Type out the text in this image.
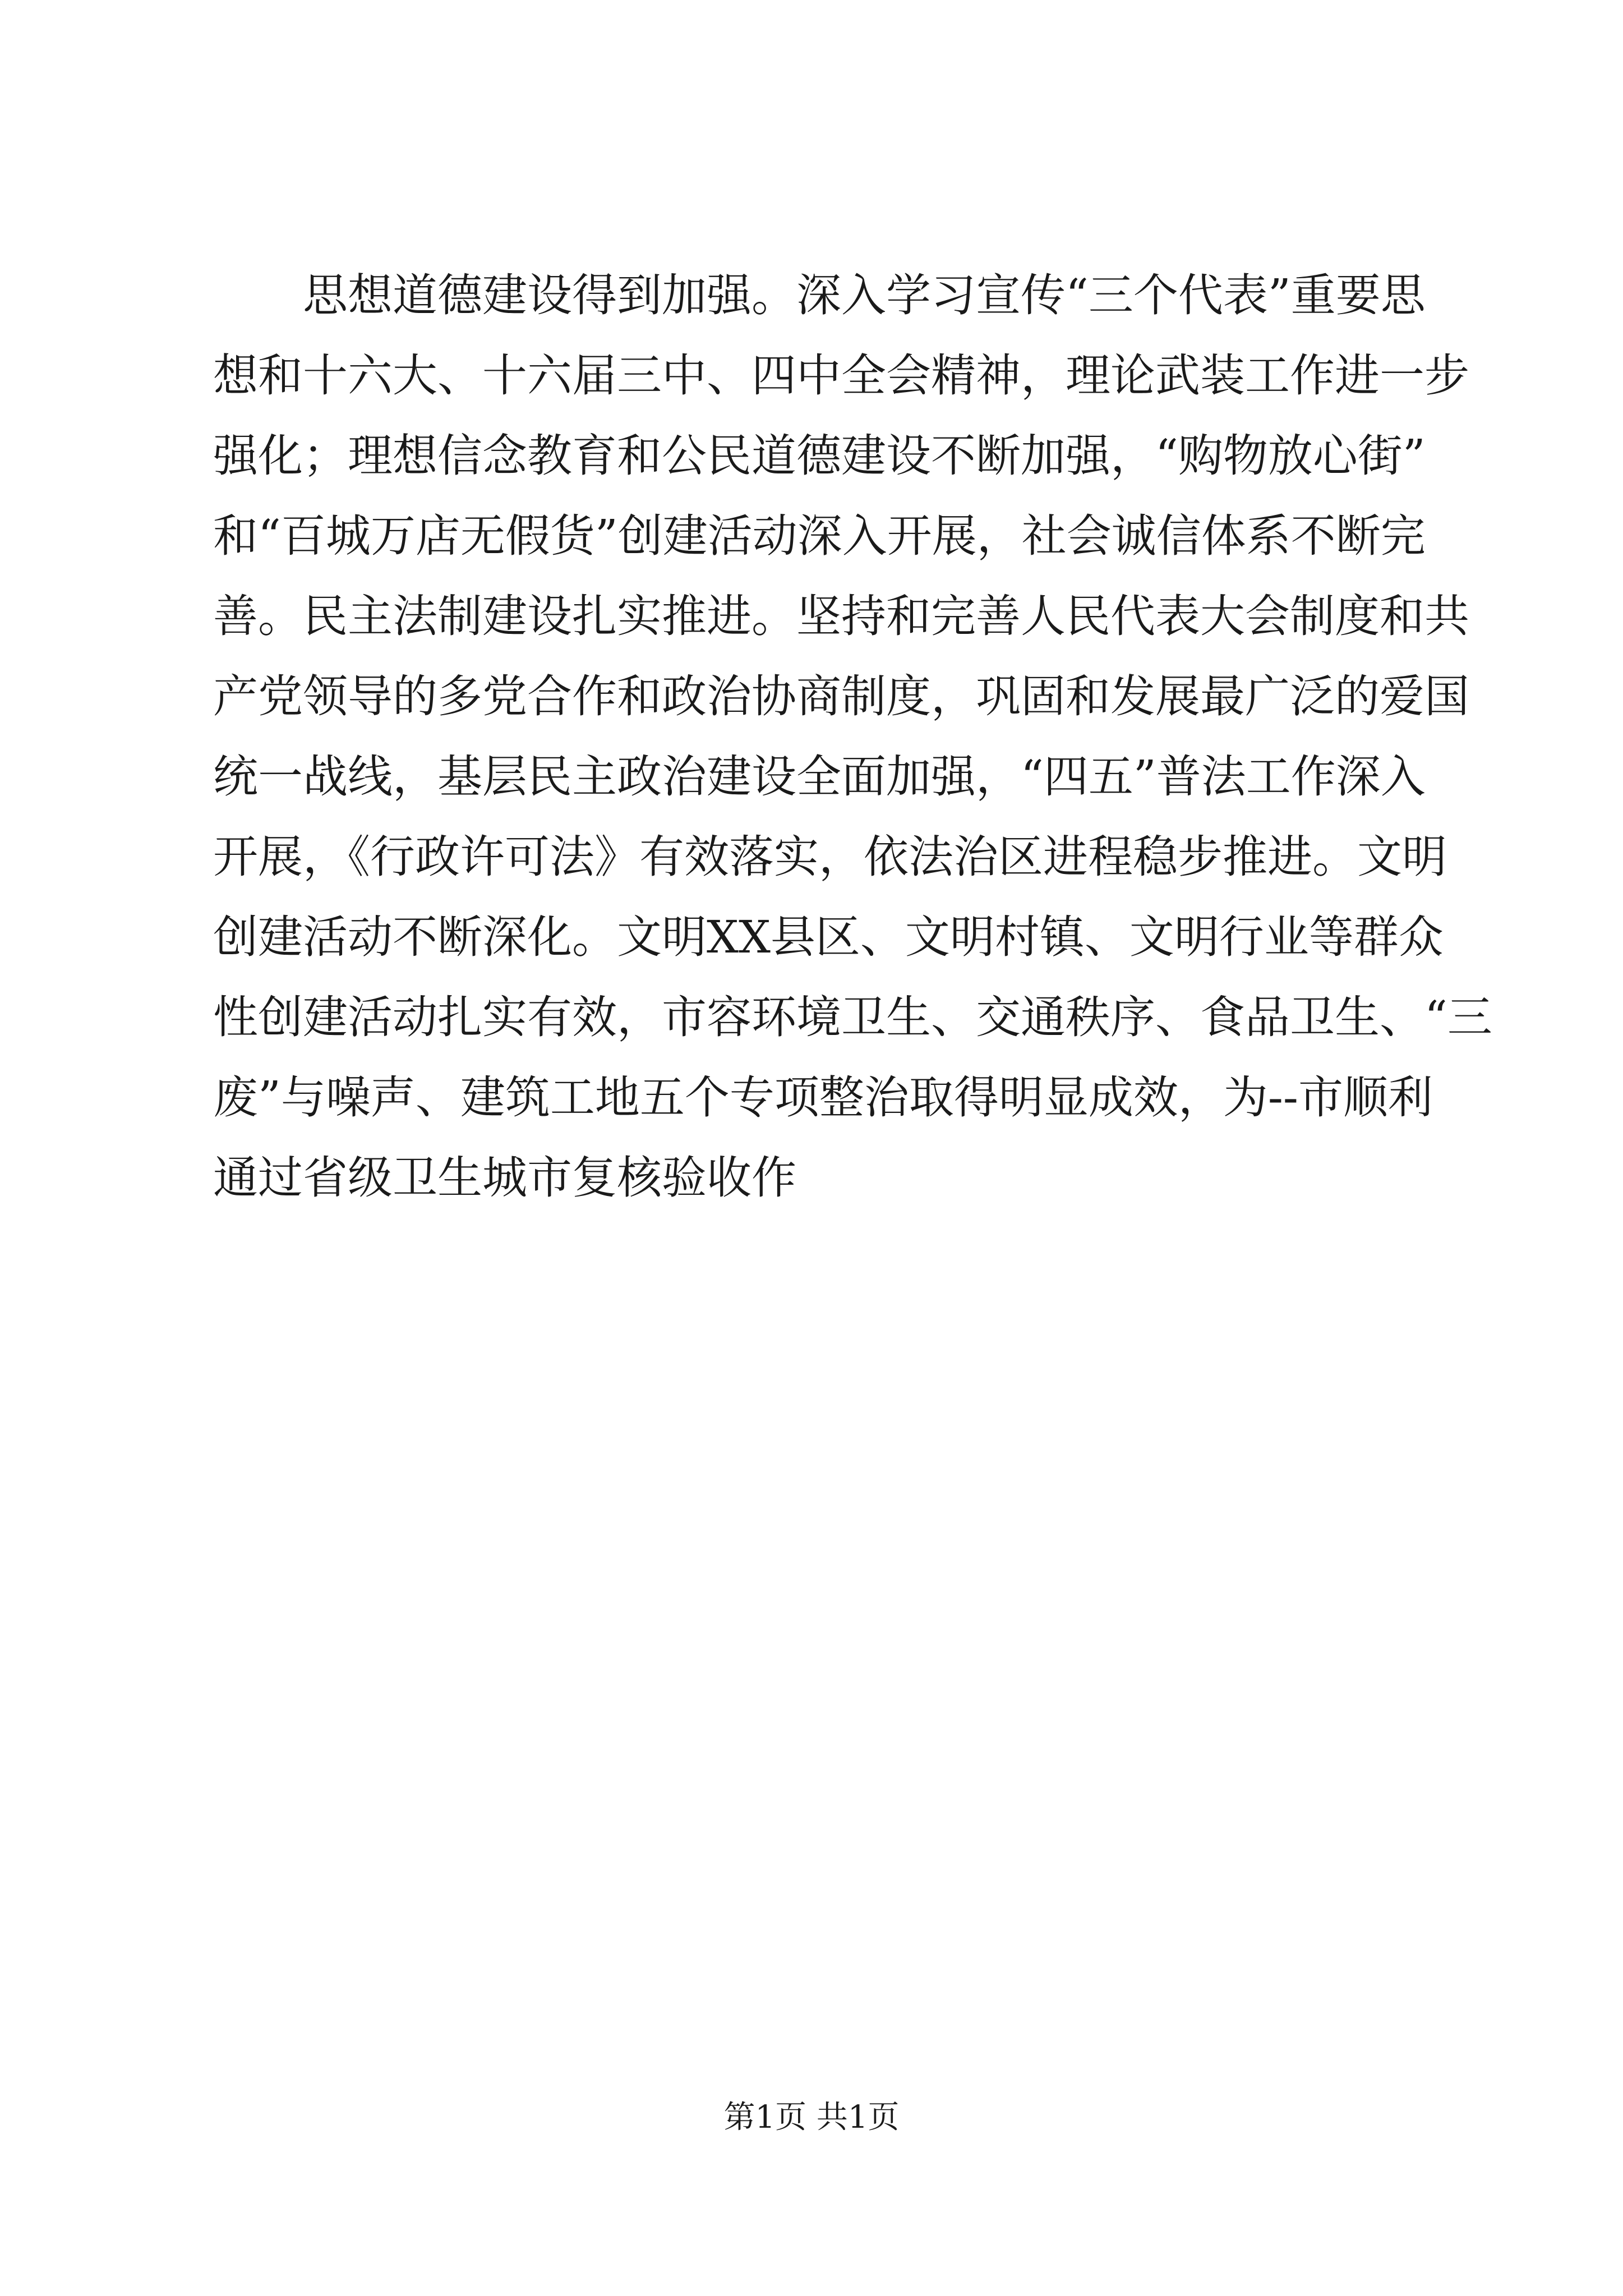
思想道德建设得到加强。深入学习宣传“三个代表”重要思
想和十六大、十六届三中、四中全会精神，理论武装工作进一步
强化；理想信念教育和公民道德建设不断加强，“购物放心街”
和“百城万店无假货”创建活动深入开展，社会诚信体系不断完
善。民主法制建设扎实推进。坚持和完善人民代表大会制度和共
产党领导的多党合作和政治协商制度，巩固和发展最广泛的爱国
统一战线，基层民主政治建设全面加强，“四五”普法工作深入
开展，《行政许可法》有效落实，依法治区进程稳步推进。文明
创建活动不断深化。文明XX县区、文明村镇、文明行业等群众
性创建活动扎实有效，市容环境卫生、交通秩序、食品卫生、“三
废”与噪声、建筑工地五个专项整治取得明显成效，为--市顺利
通过省级卫生城市复核验收作
第1页 共1页
